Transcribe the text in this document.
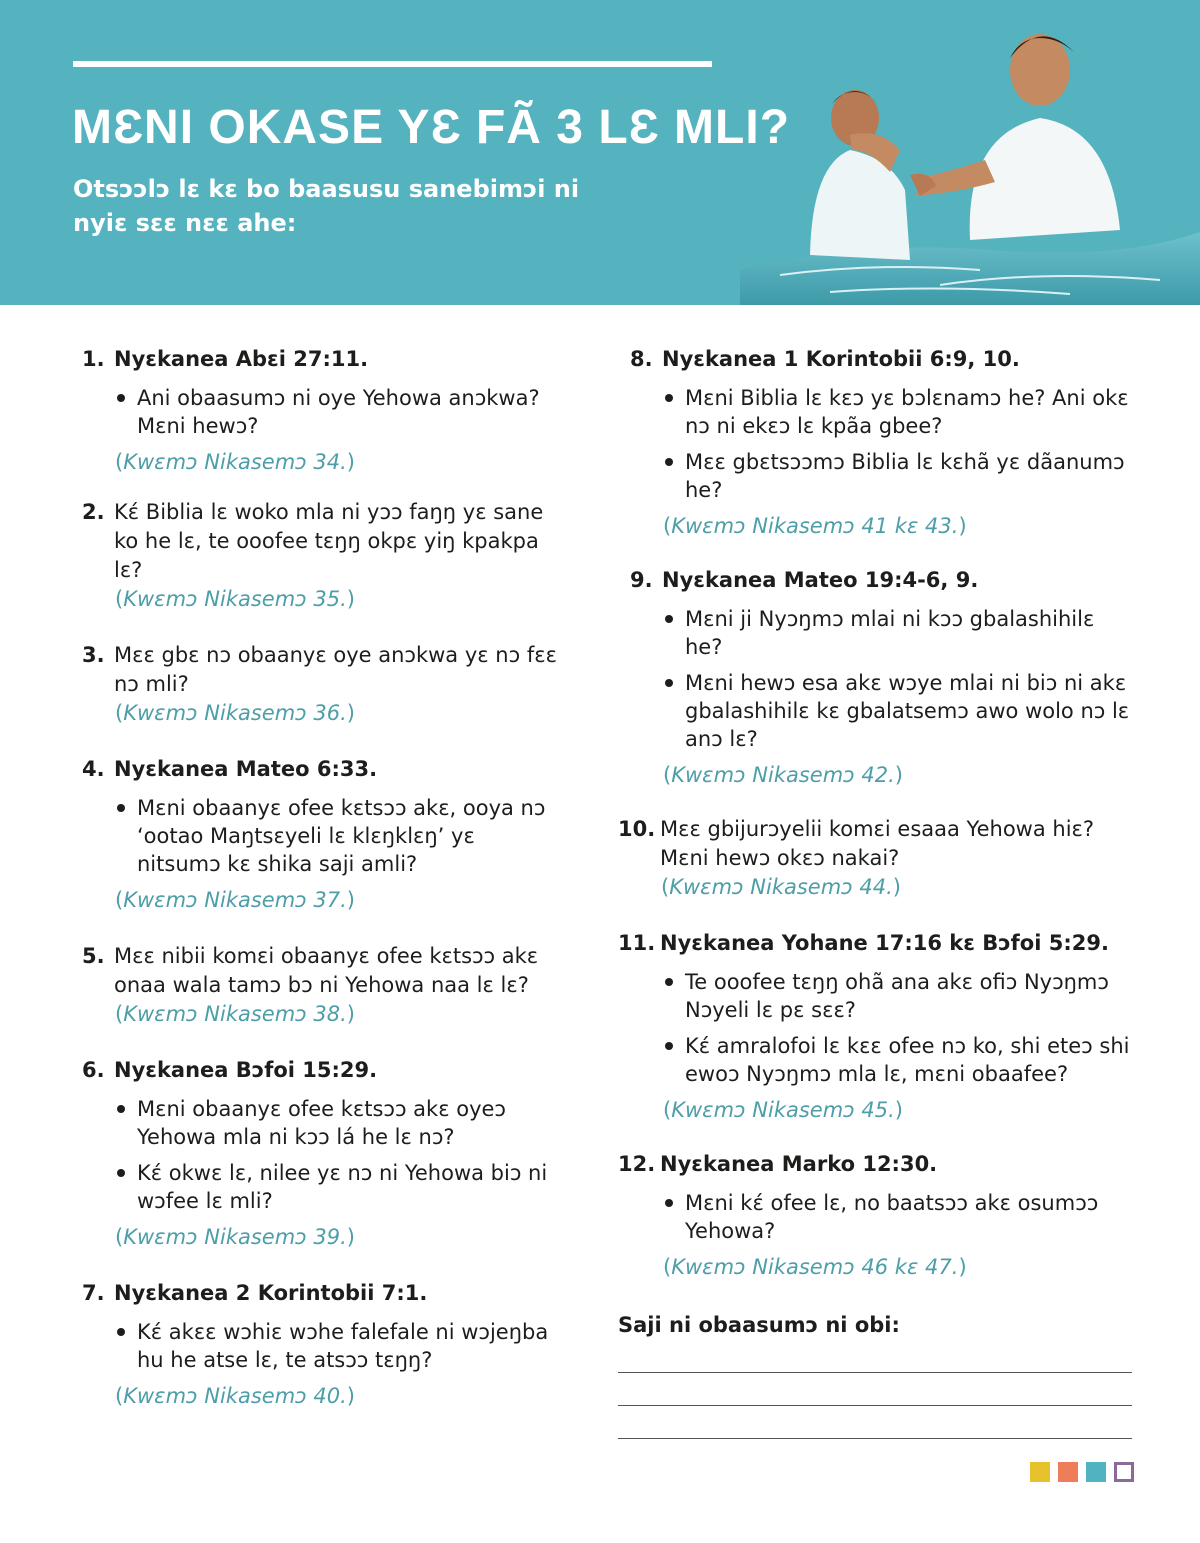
MƐNI OKASE YƐ FÃ 3 LƐ MLI?
Otsɔɔlɔ lɛ kɛ bo baasusu sanebimɔi ni nyiɛ sɛɛ nɛɛ ahe:
1. Nyɛkanea Abɛi 27:11.
Ani obaasumɔ ni oye Yehowa anɔkwa? Mɛni hewɔ?
(Kwɛmɔ Nikasemɔ 34.)
2. Kɛ́ Biblia lɛ woko mla ni yɔɔ faŋŋ yɛ sane ko he lɛ, te ooofee tɛŋŋ okpɛ yiŋ kpakpa lɛ?
(Kwɛmɔ Nikasemɔ 35.)
3. Mɛɛ gbɛ nɔ obaanyɛ oye anɔkwa yɛ nɔ fɛɛ nɔ mli?
(Kwɛmɔ Nikasemɔ 36.)
4. Nyɛkanea Mateo 6:33.
Mɛni obaanyɛ ofee kɛtsɔɔ akɛ, ooya nɔ ‘ootao Maŋtsɛyeli lɛ klɛŋklɛŋ’ yɛ nitsumɔ kɛ shika saji amli?
(Kwɛmɔ Nikasemɔ 37.)
5. Mɛɛ nibii komɛi obaanyɛ ofee kɛtsɔɔ akɛ onaa wala tamɔ bɔ ni Yehowa naa lɛ lɛ?
(Kwɛmɔ Nikasemɔ 38.)
6. Nyɛkanea Bɔfoi 15:29.
Mɛni obaanyɛ ofee kɛtsɔɔ akɛ oyeɔ Yehowa mla ni kɔɔ lá he lɛ nɔ?
Kɛ́ okwɛ lɛ, nilee yɛ nɔ ni Yehowa biɔ ni wɔfee lɛ mli?
(Kwɛmɔ Nikasemɔ 39.)
7. Nyɛkanea 2 Korintobii 7:1.
Kɛ́ akɛɛ wɔhiɛ wɔhe falefale ni wɔjeŋba hu he atse lɛ, te atsɔɔ tɛŋŋ?
(Kwɛmɔ Nikasemɔ 40.)
8. Nyɛkanea 1 Korintobii 6:9, 10.
Mɛni Biblia lɛ kɛɔ yɛ bɔlɛnamɔ he? Ani okɛ nɔ ni ekɛɔ lɛ kpãa gbee?
Mɛɛ gbɛtsɔɔmɔ Biblia lɛ kɛhã yɛ dãanumɔ he?
(Kwɛmɔ Nikasemɔ 41 kɛ 43.)
9. Nyɛkanea Mateo 19:4-6, 9.
Mɛni ji Nyɔŋmɔ mlai ni kɔɔ gbalashihilɛ he?
Mɛni hewɔ esa akɛ wɔye mlai ni biɔ ni akɛ gbalashihilɛ kɛ gbalatsemɔ awo wolo nɔ lɛ anɔ lɛ?
(Kwɛmɔ Nikasemɔ 42.)
10. Mɛɛ gbijurɔyelii komɛi esaaa Yehowa hiɛ? Mɛni hewɔ okɛɔ nakai?
(Kwɛmɔ Nikasemɔ 44.)
11. Nyɛkanea Yohane 17:16 kɛ Bɔfoi 5:29.
Te ooofee tɛŋŋ ohã ana akɛ ofiɔ Nyɔŋmɔ Nɔyeli lɛ pɛ sɛɛ?
Kɛ́ amralofoi lɛ kɛɛ ofee nɔ ko, shi eteɔ shi ewoɔ Nyɔŋmɔ mla lɛ, mɛni obaafee?
(Kwɛmɔ Nikasemɔ 45.)
12. Nyɛkanea Marko 12:30.
Mɛni kɛ́ ofee lɛ, no baatsɔɔ akɛ osumɔɔ Yehowa?
(Kwɛmɔ Nikasemɔ 46 kɛ 47.)
Saji ni obaasumɔ ni obi:
